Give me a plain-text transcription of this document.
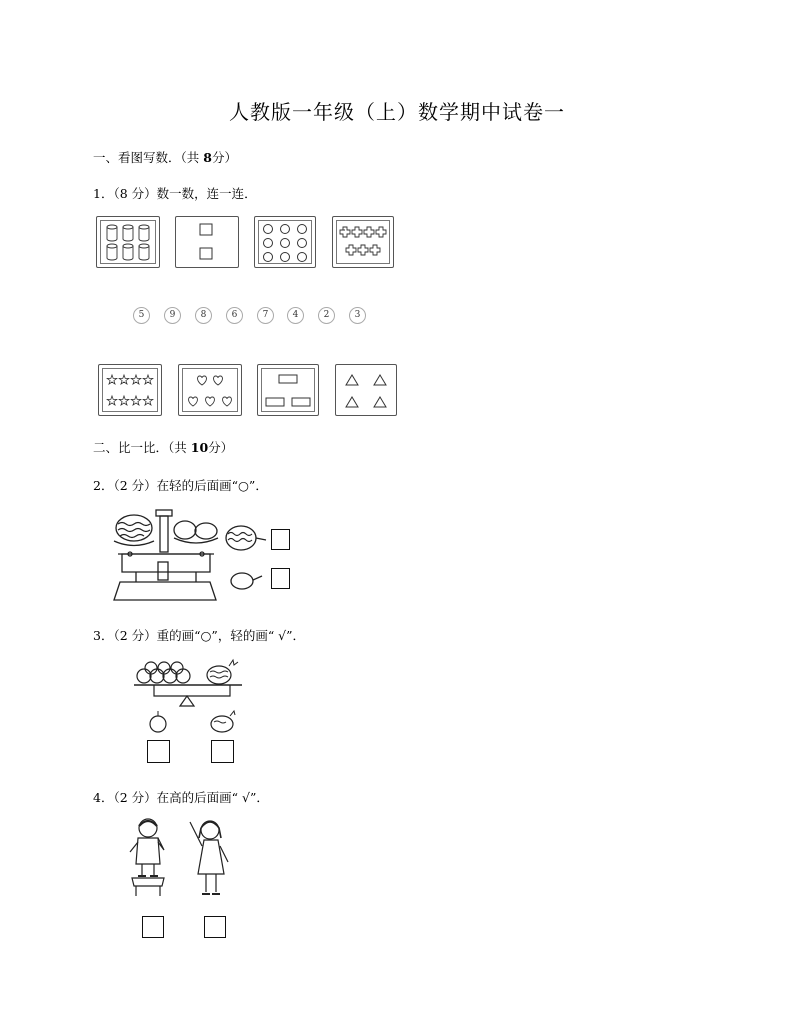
人教版一年级（上）数学期中试卷一
一、看图写数．（共 8分）
1．（8 分）数一数，连一连．
5	9	8	6	7	4	2	3
二、比一比．（共 10分）
2．（2 分）在轻的后面画“○”．
3．（2 分）重的画“○”，轻的画“ √”．
4．（2 分）在高的后面画“ √”．
